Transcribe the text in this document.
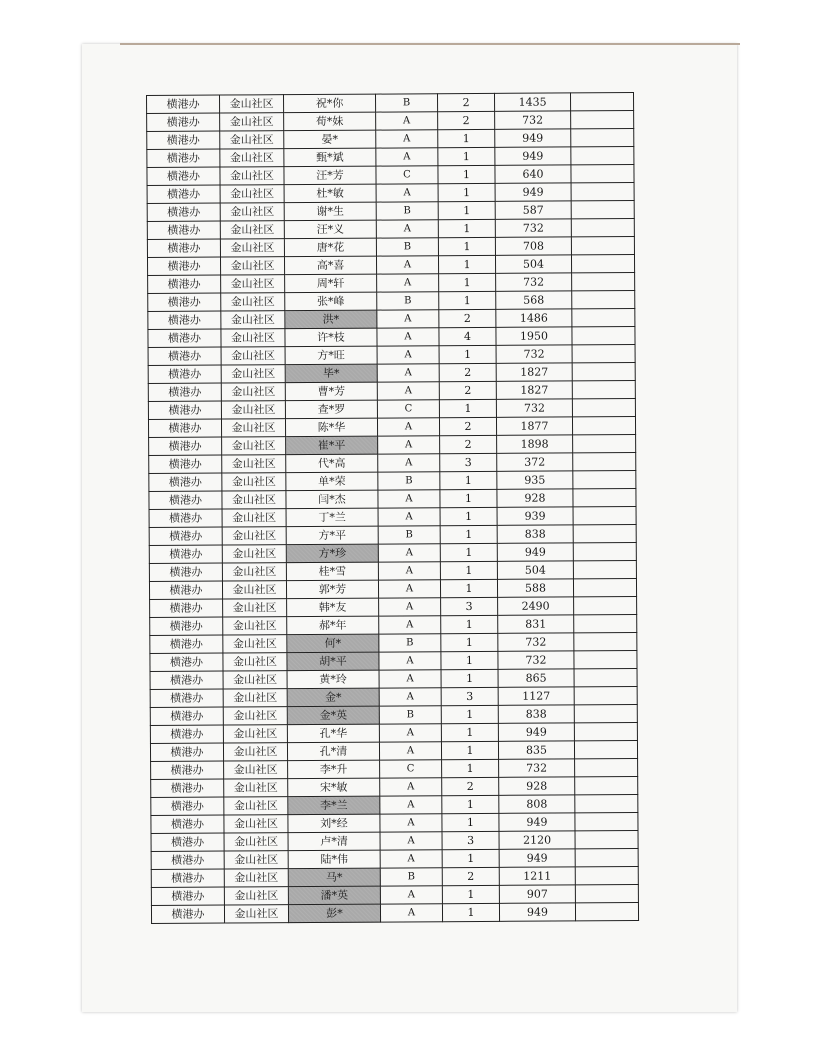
横港办	金山社区	祝*你	B	2	1435	
横港办	金山社区	荀*妹	A	2	732	
横港办	金山社区	晏*	A	1	949	
横港办	金山社区	甄*斌	A	1	949	
横港办	金山社区	汪*芳	C	1	640	
横港办	金山社区	杜*敏	A	1	949	
横港办	金山社区	谢*生	B	1	587	
横港办	金山社区	汪*义	A	1	732	
横港办	金山社区	唐*花	B	1	708	
横港办	金山社区	高*喜	A	1	504	
横港办	金山社区	周*轩	A	1	732	
横港办	金山社区	张*峰	B	1	568	
横港办	金山社区	洪*	A	2	1486	
横港办	金山社区	许*枝	A	4	1950	
横港办	金山社区	方*旺	A	1	732	
横港办	金山社区	毕*	A	2	1827	
横港办	金山社区	曹*芳	A	2	1827	
横港办	金山社区	查*罗	C	1	732	
横港办	金山社区	陈*华	A	2	1877	
横港办	金山社区	崔*平	A	2	1898	
横港办	金山社区	代*高	A	3	372	
横港办	金山社区	单*荣	B	1	935	
横港办	金山社区	闫*杰	A	1	928	
横港办	金山社区	丁*兰	A	1	939	
横港办	金山社区	方*平	B	1	838	
横港办	金山社区	方*珍	A	1	949	
横港办	金山社区	桂*雪	A	1	504	
横港办	金山社区	郭*芳	A	1	588	
横港办	金山社区	韩*友	A	3	2490	
横港办	金山社区	郝*年	A	1	831	
横港办	金山社区	何*	B	1	732	
横港办	金山社区	胡*平	A	1	732	
横港办	金山社区	黄*玲	A	1	865	
横港办	金山社区	金*	A	3	1127	
横港办	金山社区	金*英	B	1	838	
横港办	金山社区	孔*华	A	1	949	
横港办	金山社区	孔*清	A	1	835	
横港办	金山社区	李*升	C	1	732	
横港办	金山社区	宋*敏	A	2	928	
横港办	金山社区	李*兰	A	1	808	
横港办	金山社区	刘*经	A	1	949	
横港办	金山社区	卢*清	A	3	2120	
横港办	金山社区	陆*伟	A	1	949	
横港办	金山社区	马*	B	2	1211	
横港办	金山社区	潘*英	A	1	907	
横港办	金山社区	彭*	A	1	949	
